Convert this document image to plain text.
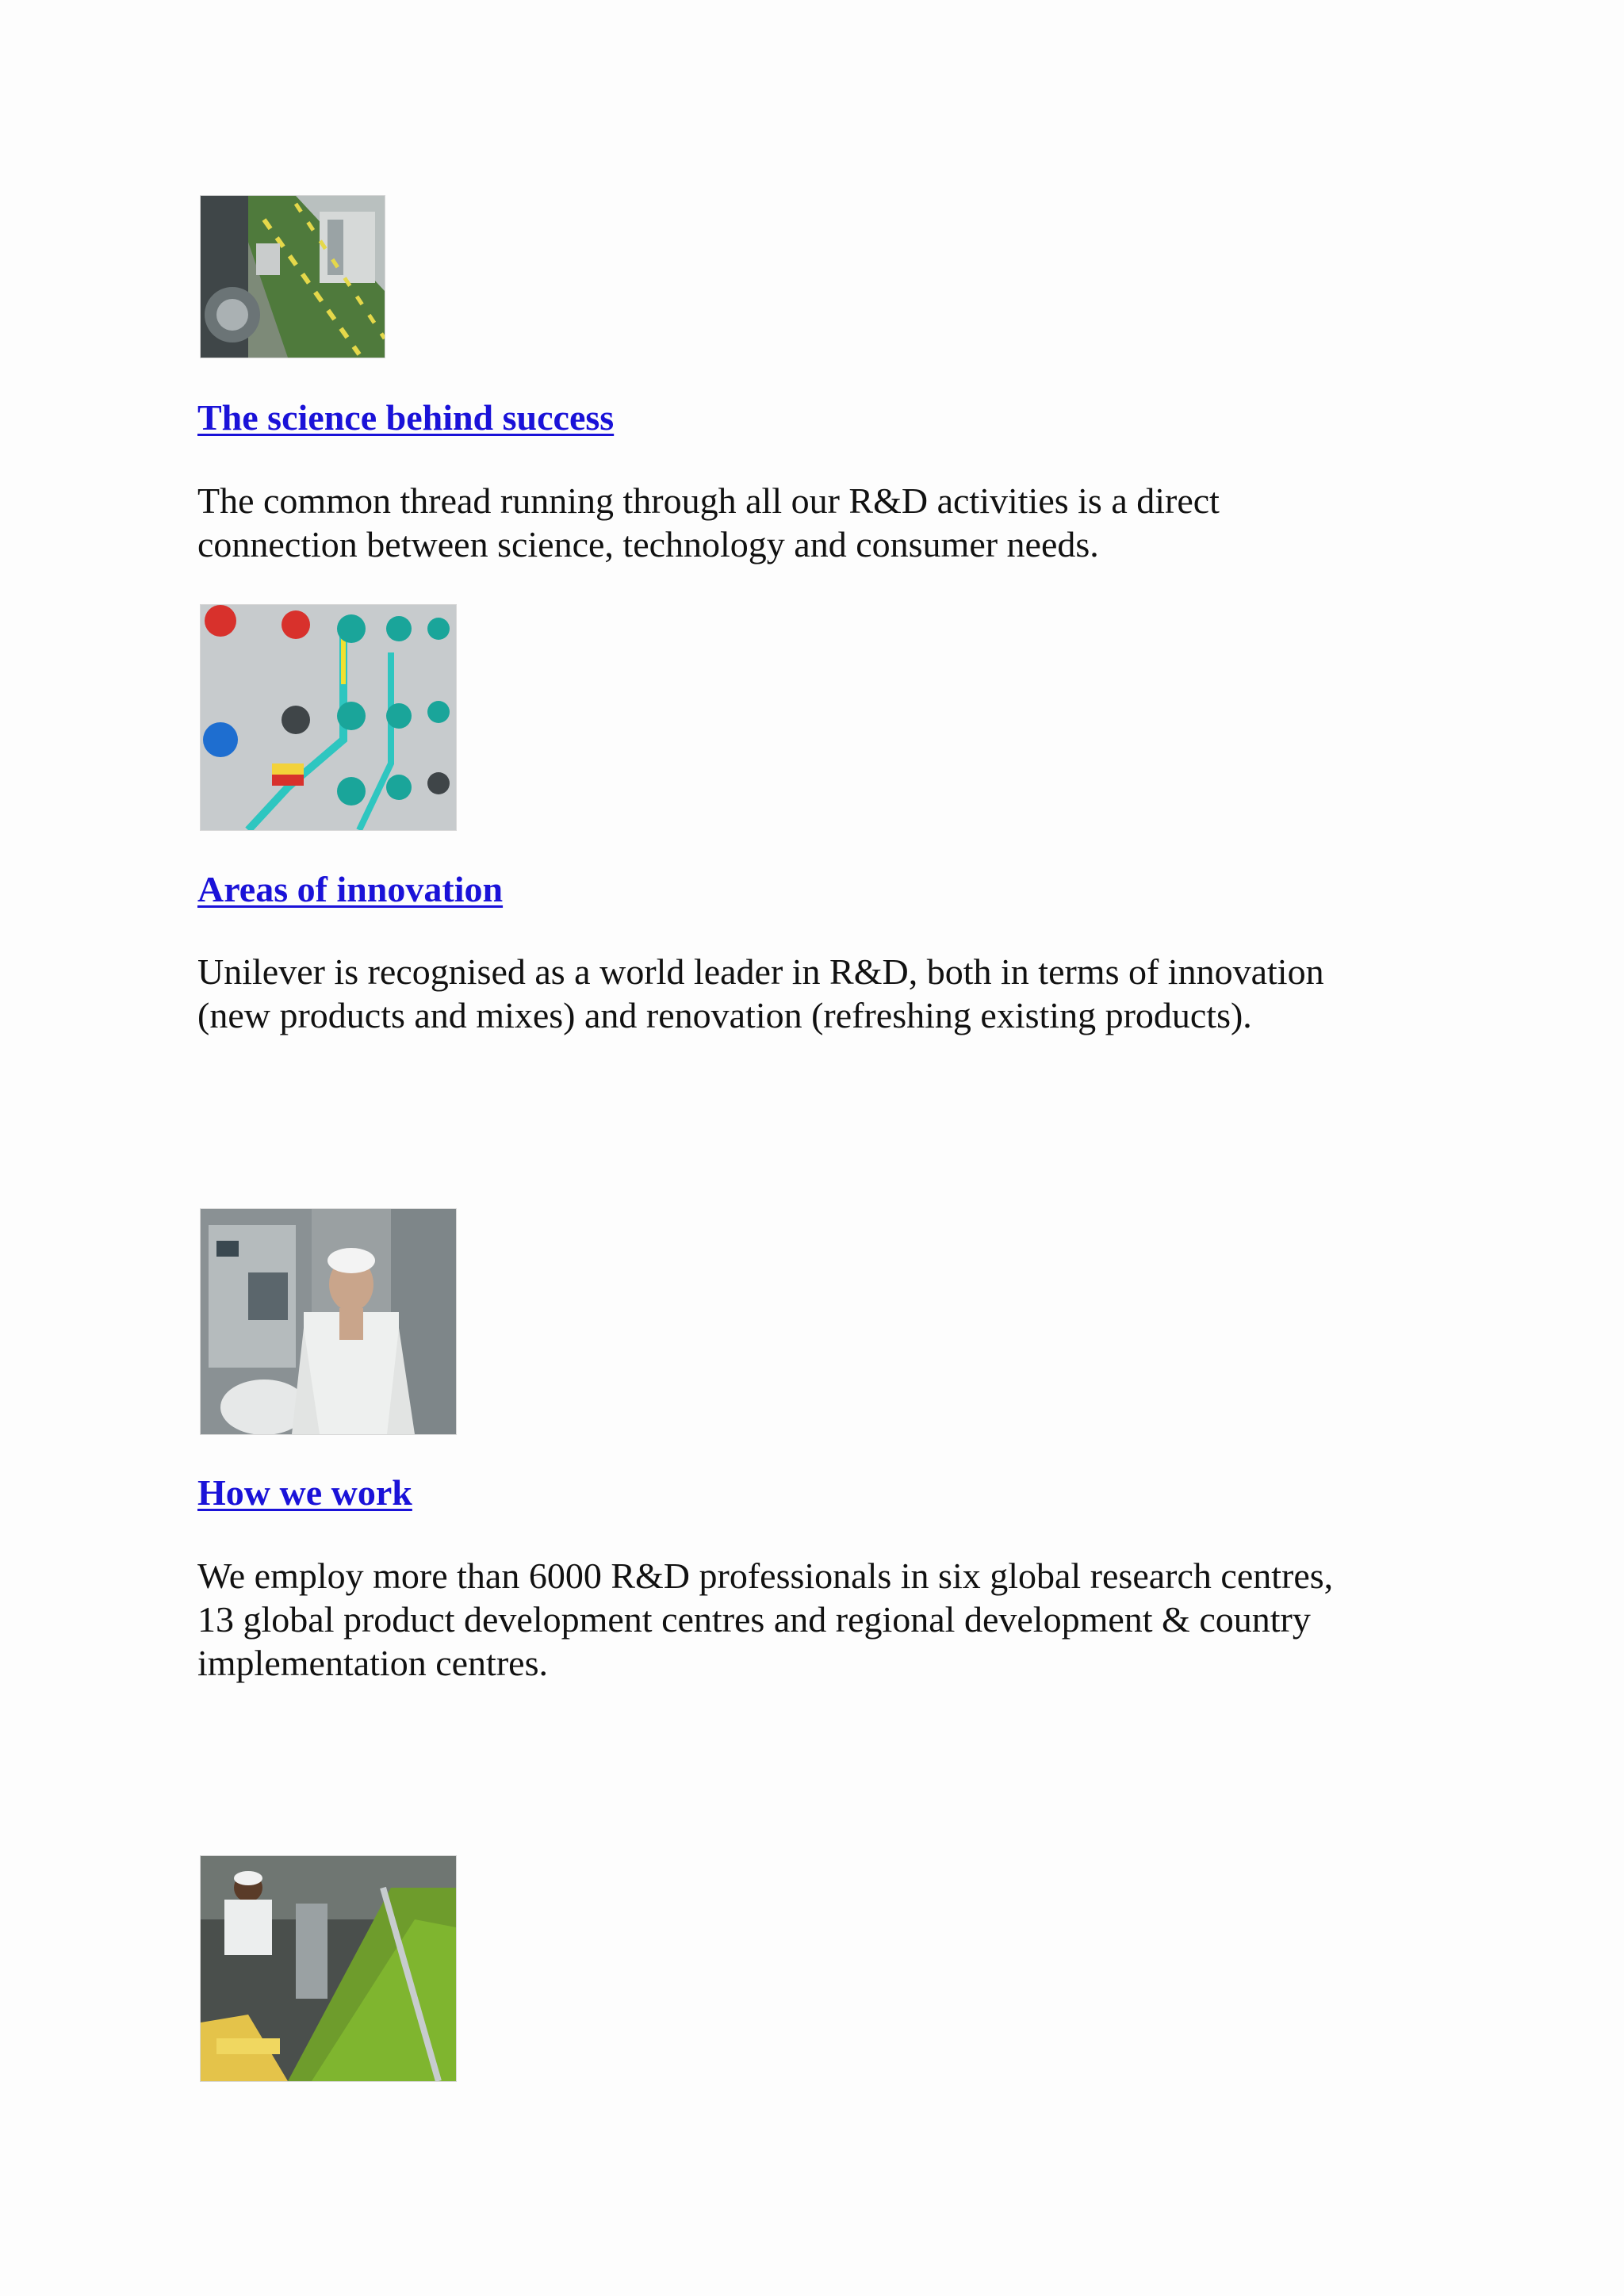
The science behind success

The common thread running through all our R&D activities is a direct
connection between science, technology and consumer needs.

Areas of innovation

Unilever is recognised as a world leader in R&D, both in terms of innovation
(new products and mixes) and renovation (refreshing existing products).

How we work

We employ more than 6000 R&D professionals in six global research centres,
13 global product development centres and regional development & country
implementation centres.
